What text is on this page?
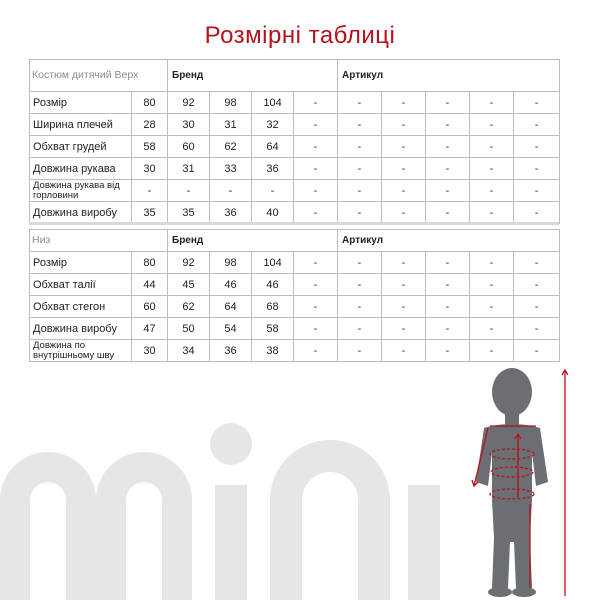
Розмірні таблиці
Костюм дитячий Верх		Бренд				Артикул				
Розмір	80	92	98	104	-	-	-	-	-	-
Ширина плечей	28	30	31	32	-	-	-	-	-	-
Обхват грудей	58	60	62	64	-	-	-	-	-	-
Довжина рукава	30	31	33	36	-	-	-	-	-	-
Довжина рукава від горловини	-	-	-	-	-	-	-	-	-	-
Довжина виробу	35	35	36	40	-	-	-	-	-	-
Низ		Бренд				Артикул				
Розмір	80	92	98	104	-	-	-	-	-	-
Обхват талії	44	45	46	46	-	-	-	-	-	-
Обхват стегон	60	62	64	68	-	-	-	-	-	-
Довжина виробу	47	50	54	58	-	-	-	-	-	-
Довжина по внутрішньому шву	30	34	36	38	-	-	-	-	-	-
